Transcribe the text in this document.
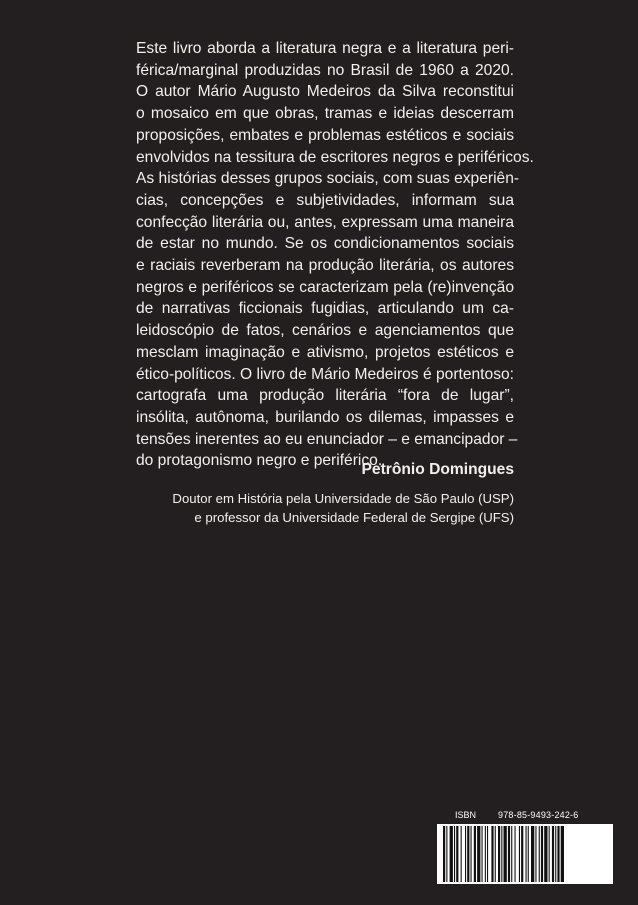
Este livro aborda a literatura negra e a literatura peri-
férica/marginal produzidas no Brasil de 1960 a 2020.
O autor Mário Augusto Medeiros da Silva reconstitui
o mosaico em que obras, tramas e ideias descerram
proposições, embates e problemas estéticos e sociais
envolvidos na tessitura de escritores negros e periféricos.
As histórias desses grupos sociais, com suas experiên-
cias, concepções e subjetividades, informam sua
confecção literária ou, antes, expressam uma maneira
de estar no mundo. Se os condicionamentos sociais
e raciais reverberam na produção literária, os autores
negros e periféricos se caracterizam pela (re)invenção
de narrativas ficcionais fugidias, articulando um ca-
leidoscópio de fatos, cenários e agenciamentos que
mesclam imaginação e ativismo, projetos estéticos e
ético-políticos. O livro de Mário Medeiros é portentoso:
cartografa uma produção literária “fora de lugar”,
insólita, autônoma, burilando os dilemas, impasses e
tensões inerentes ao eu enunciador – e emancipador –
do protagonismo negro e periférico.
Petrônio Domingues
Doutor em História pela Universidade de São Paulo (USP)
e professor da Universidade Federal de Sergipe (UFS)
ISBN 978-85-9493-242-6
